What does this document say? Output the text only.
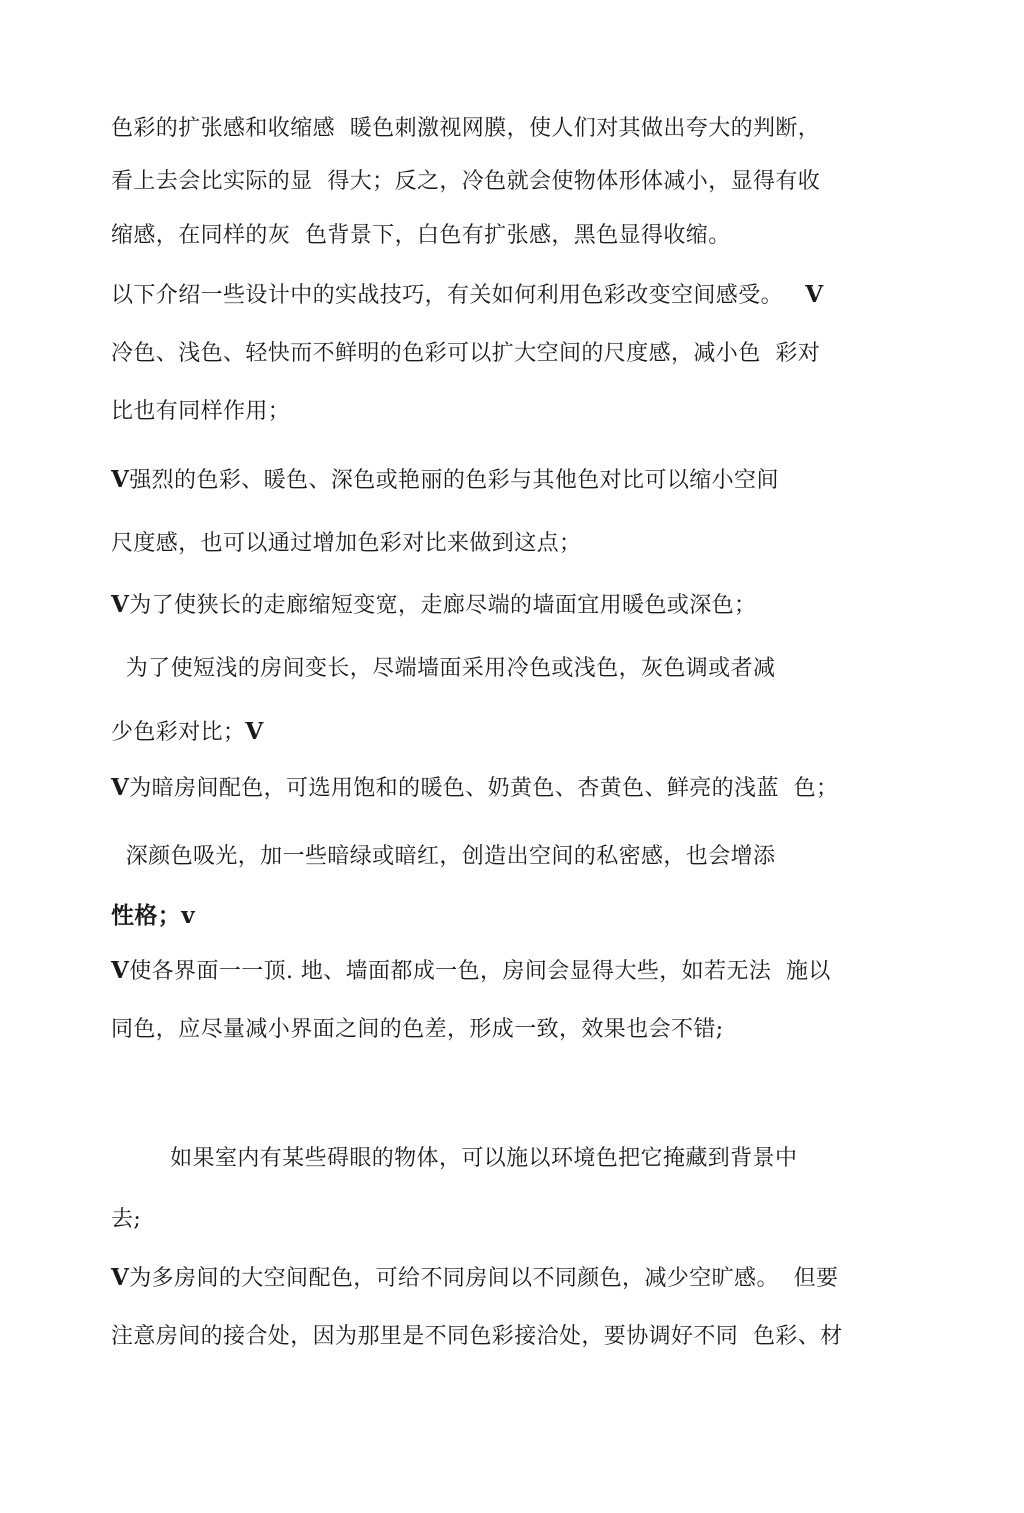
色彩的扩张感和收缩感  暖色刺激视网膜，使人们对其做出夸大的判断，
看上去会比实际的显  得大；反之，冷色就会使物体形体减小，显得有收
缩感，在同样的灰  色背景下，白色有扩张感，黑色显得收缩。
以下介绍一些设计中的实战技巧，有关如何利用色彩改变空间感受。   V
冷色、浅色、轻快而不鲜明的色彩可以扩大空间的尺度感，减小色  彩对
比也有同样作用；
V强烈的色彩、暖色、深色或艳丽的色彩与其他色对比可以缩小空间
尺度感，也可以通过增加色彩对比来做到这点；
V为了使狭长的走廊缩短变宽，走廊尽端的墙面宜用暖色或深色；
为了使短浅的房间变长，尽端墙面采用冷色或浅色，灰色调或者减
少色彩对比；V
V为暗房间配色，可选用饱和的暖色、奶黄色、杏黄色、鲜亮的浅蓝  色；
深颜色吸光，加一些暗绿或暗红，创造出空间的私密感，也会增添
性格；v
V使各界面一一顶. 地、墙面都成一色，房间会显得大些，如若无法  施以
同色，应尽量减小界面之间的色差，形成一致，效果也会不错;
如果室内有某些碍眼的物体，可以施以环境色把它掩藏到背景中
去;
V为多房间的大空间配色，可给不同房间以不同颜色，减少空旷感。  但要
注意房间的接合处，因为那里是不同色彩接洽处，要协调好不同  色彩、材
